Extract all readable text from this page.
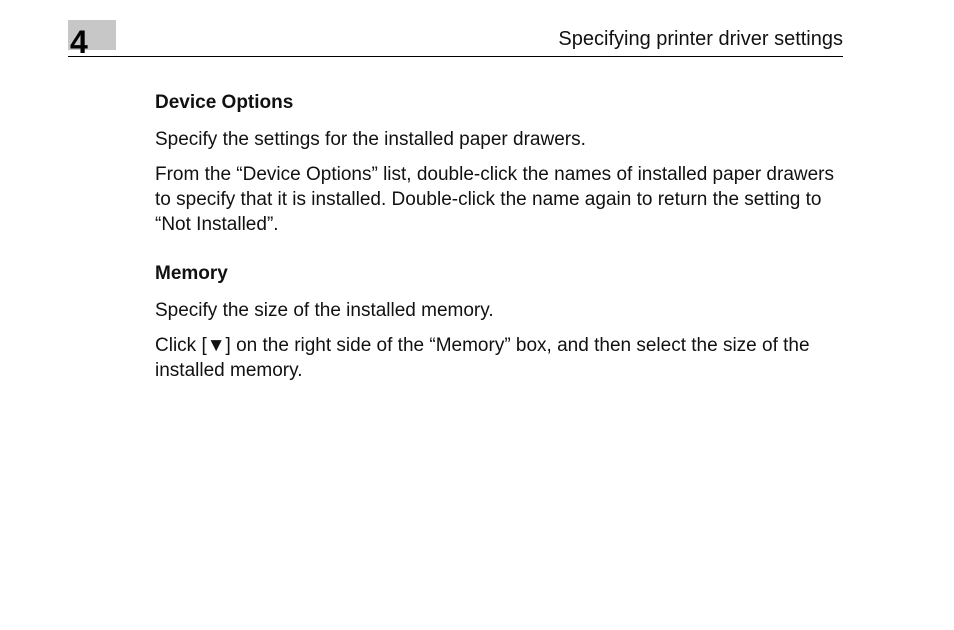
4	Specifying printer driver settings
Device Options

Specify the settings for the installed paper drawers.

From the “Device Options” list, double-click the names of installed paper drawers to specify that it is installed. Double-click the name again to return the setting to “Not Installed”.

Memory

Specify the size of the installed memory.

Click [▼] on the right side of the “Memory” box, and then select the size of the installed memory.
